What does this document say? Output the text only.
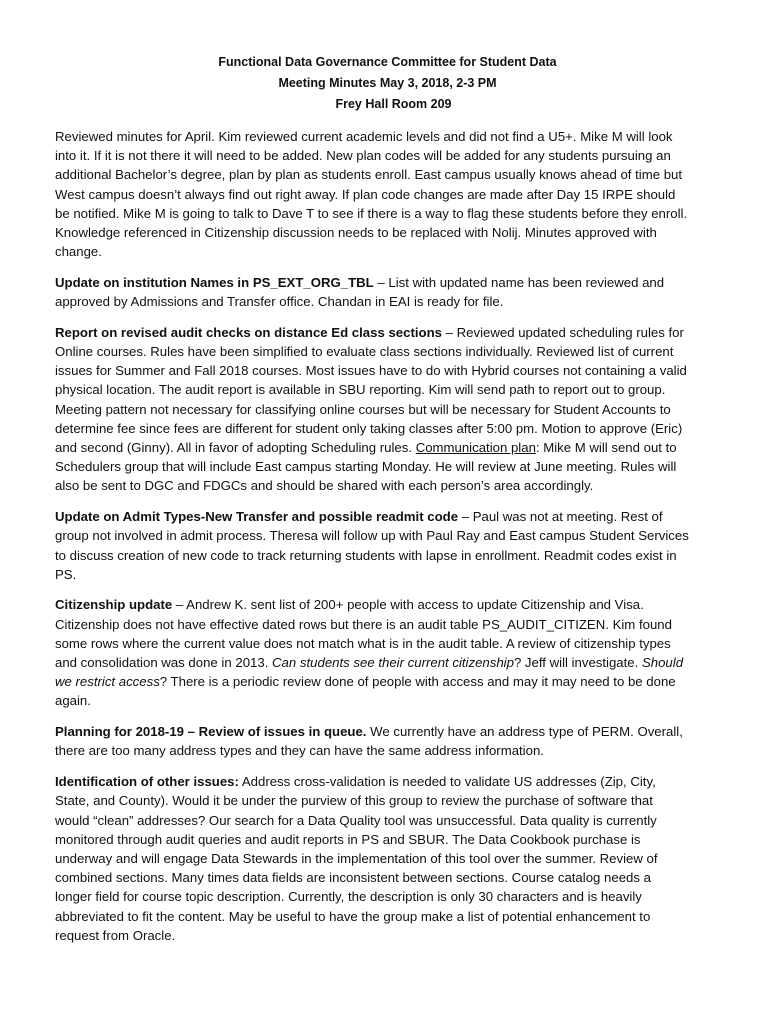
Functional Data Governance Committee for Student Data
Meeting Minutes May 3, 2018, 2-3 PM
Frey Hall Room 209

Reviewed minutes for April. Kim reviewed current academic levels and did not find a U5+. Mike M will look into it. If it is not there it will need to be added. New plan codes will be added for any students pursuing an additional Bachelor’s degree, plan by plan as students enroll. East campus usually knows ahead of time but West campus doesn’t always find out right away. If plan code changes are made after Day 15 IRPE should be notified. Mike M is going to talk to Dave T to see if there is a way to flag these students before they enroll. Knowledge referenced in Citizenship discussion needs to be replaced with Nolij. Minutes approved with change.

Update on institution Names in PS_EXT_ORG_TBL – List with updated name has been reviewed and approved by Admissions and Transfer office. Chandan in EAI is ready for file.

Report on revised audit checks on distance Ed class sections – Reviewed updated scheduling rules for Online courses. Rules have been simplified to evaluate class sections individually. Reviewed list of current issues for Summer and Fall 2018 courses. Most issues have to do with Hybrid courses not containing a valid physical location. The audit report is available in SBU reporting. Kim will send path to report out to group. Meeting pattern not necessary for classifying online courses but will be necessary for Student Accounts to determine fee since fees are different for student only taking classes after 5:00 pm. Motion to approve (Eric) and second (Ginny). All in favor of adopting Scheduling rules. Communication plan: Mike M will send out to Schedulers group that will include East campus starting Monday. He will review at June meeting. Rules will also be sent to DGC and FDGCs and should be shared with each person’s area accordingly.

Update on Admit Types-New Transfer and possible readmit code – Paul was not at meeting. Rest of group not involved in admit process. Theresa will follow up with Paul Ray and East campus Student Services to discuss creation of new code to track returning students with lapse in enrollment. Readmit codes exist in PS.

Citizenship update – Andrew K. sent list of 200+ people with access to update Citizenship and Visa. Citizenship does not have effective dated rows but there is an audit table PS_AUDIT_CITIZEN. Kim found some rows where the current value does not match what is in the audit table. A review of citizenship types and consolidation was done in 2013. Can students see their current citizenship? Jeff will investigate. Should we restrict access? There is a periodic review done of people with access and may it may need to be done again.

Planning for 2018-19 – Review of issues in queue. We currently have an address type of PERM. Overall, there are too many address types and they can have the same address information.

Identification of other issues: Address cross-validation is needed to validate US addresses (Zip, City, State, and County). Would it be under the purview of this group to review the purchase of software that would “clean” addresses? Our search for a Data Quality tool was unsuccessful. Data quality is currently monitored through audit queries and audit reports in PS and SBUR. The Data Cookbook purchase is underway and will engage Data Stewards in the implementation of this tool over the summer. Review of combined sections. Many times data fields are inconsistent between sections. Course catalog needs a longer field for course topic description. Currently, the description is only 30 characters and is heavily abbreviated to fit the content. May be useful to have the group make a list of potential enhancement to request from Oracle.
